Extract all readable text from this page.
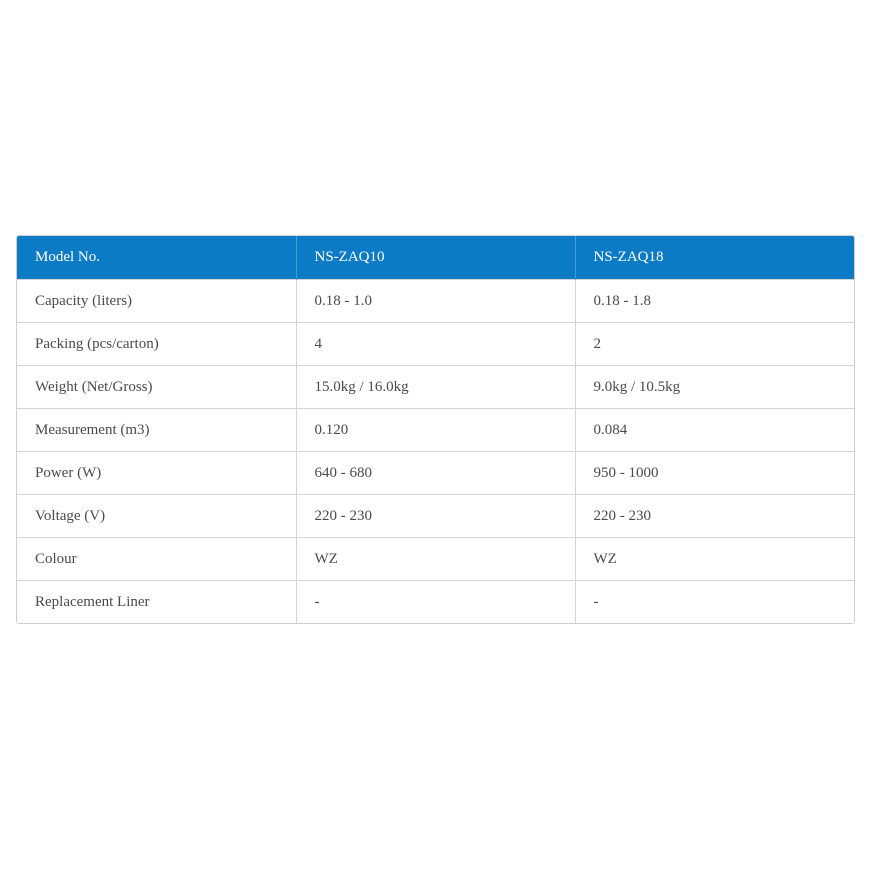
Model No.	NS-ZAQ10	NS-ZAQ18
Capacity (liters)	0.18 - 1.0	0.18 - 1.8
Packing (pcs/carton)	4	2
Weight (Net/Gross)	15.0kg / 16.0kg	9.0kg / 10.5kg
Measurement (m3)	0.120	0.084
Power (W)	640 - 680	950 - 1000
Voltage (V)	220 - 230	220 - 230
Colour	WZ	WZ
Replacement Liner	-	-
